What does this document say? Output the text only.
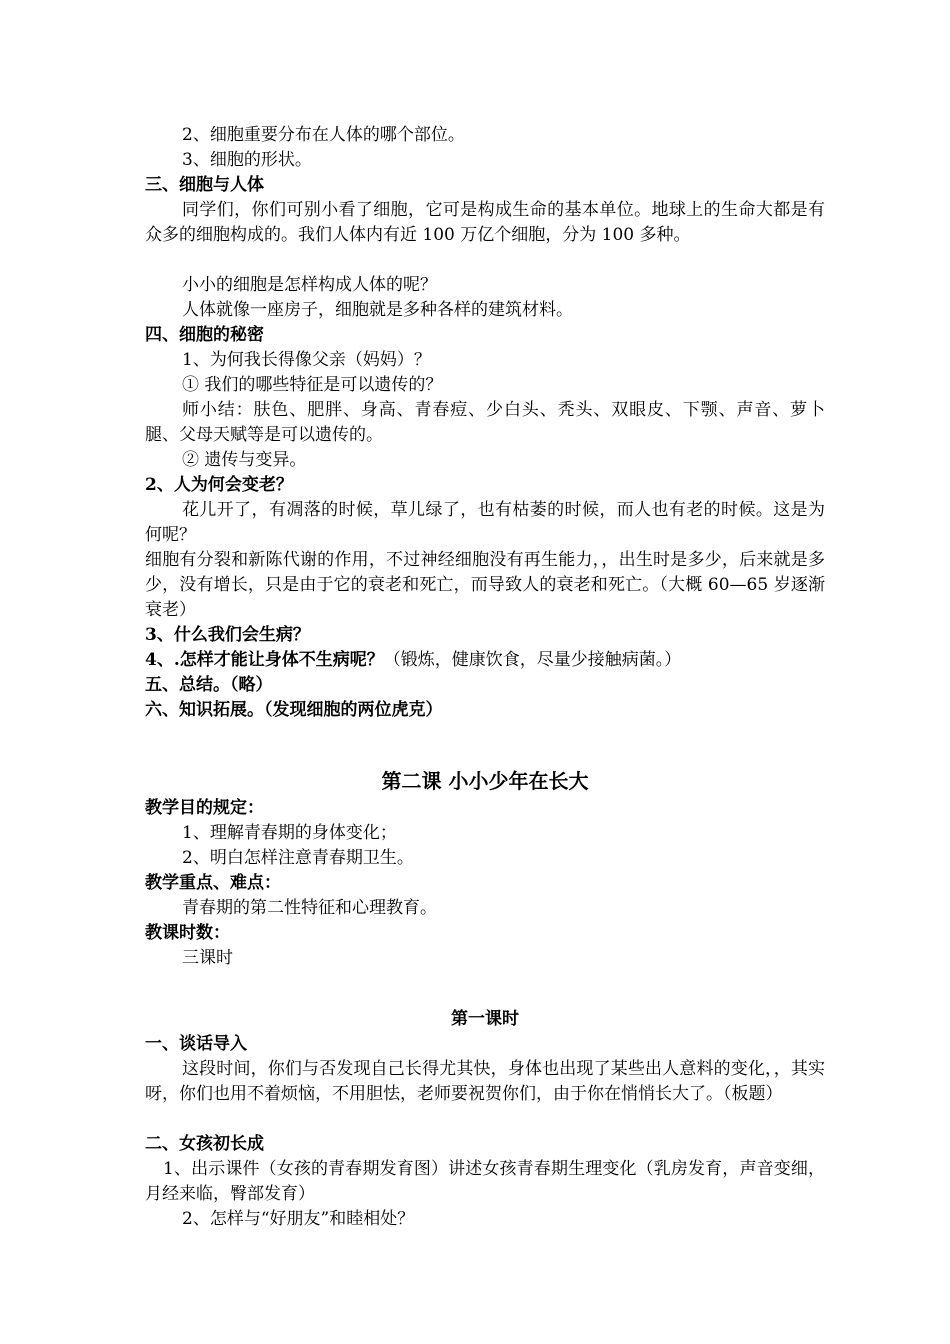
2、细胞重要分布在人体的哪个部位。
3、细胞的形状。
三、细胞与人体
同学们，你们可别小看了细胞，它可是构成生命的基本单位。地球上的生命大都是有众多的细胞构成的。我们人体内有近 100 万亿个细胞，分为 100 多种。
小小的细胞是怎样构成人体的呢？
人体就像一座房子，细胞就是多种各样的建筑材料。
四、细胞的秘密
1、为何我长得像父亲（妈妈）？
① 我们的哪些特征是可以遗传的？
师小结：肤色、肥胖、身高、青春痘、少白头、秃头、双眼皮、下颚、声音、萝卜腿、父母天赋等是可以遗传的。
② 遗传与变异。
2、人为何会变老？
花儿开了，有凋落的时候，草儿绿了，也有枯萎的时候，而人也有老的时候。这是为何呢？
细胞有分裂和新陈代谢的作用，不过神经细胞没有再生能力，，出生时是多少，后来就是多少，没有增长，只是由于它的衰老和死亡，而导致人的衰老和死亡。（大概 60—65 岁逐渐衰老）
3、什么我们会生病？
4、.怎样才能让身体不生病呢？（锻炼，健康饮食，尽量少接触病菌。）
五、总结。（略）
六、知识拓展。（发现细胞的两位虎克）
第二课 小小少年在长大
教学目的规定：
1、理解青春期的身体变化；
2、明白怎样注意青春期卫生。
教学重点、难点：
青春期的第二性特征和心理教育。
教课时数：
三课时
第一课时
一、谈话导入
这段时间，你们与否发现自己长得尤其快，身体也出现了某些出人意料的变化，，其实呀，你们也用不着烦恼，不用胆怯，老师要祝贺你们，由于你在悄悄长大了。（板题）
二、女孩初长成
1、出示课件（女孩的青春期发育图）讲述女孩青春期生理变化（乳房发育，声音变细，月经来临，臀部发育）
2、怎样与“好朋友”和睦相处？
